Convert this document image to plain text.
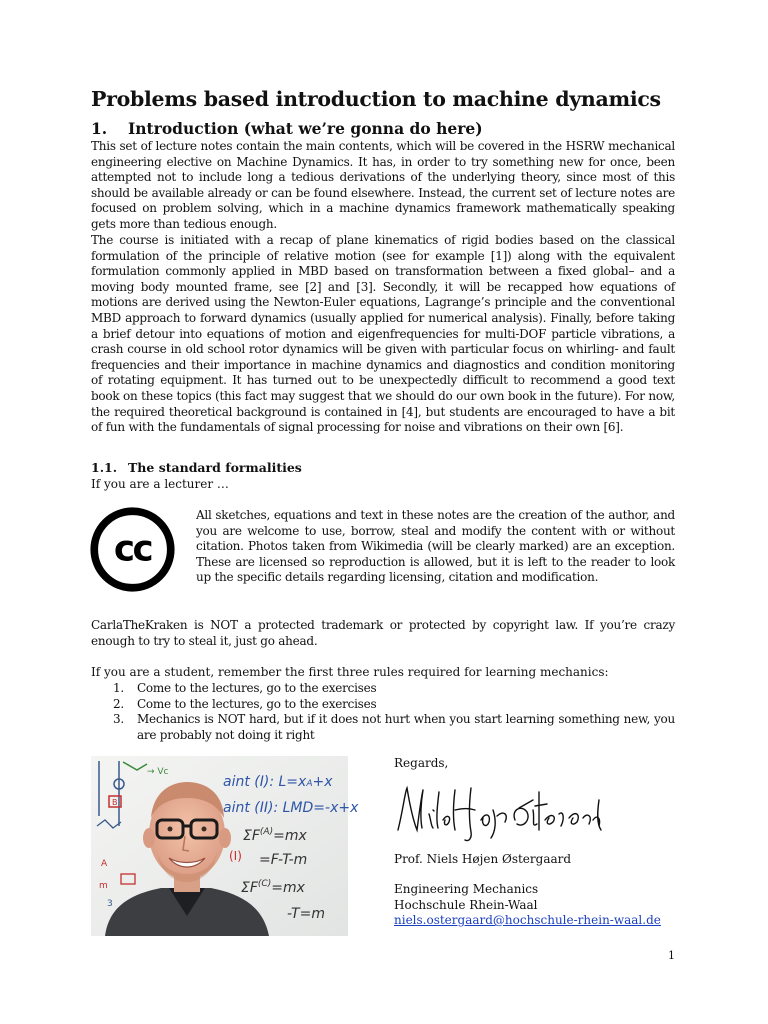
Problems based introduction to machine dynamics
1. Introduction (what we’re gonna do here)

This set of lecture notes contain the main contents, which will be covered in the HSRW mechanical engineering elective on Machine Dynamics. It has, in order to try something new for once, been attempted not to include long a tedious derivations of the underlying theory, since most of this should be available already or can be found elsewhere. Instead, the current set of lecture notes are focused on problem solving, which in a machine dynamics framework mathematically speaking gets more than tedious enough.

The course is initiated with a recap of plane kinematics of rigid bodies based on the classical formulation of the principle of relative motion (see for example [1]) along with the equivalent formulation commonly applied in MBD based on transformation between a fixed global– and a moving body mounted frame, see [2] and [3]. Secondly, it will be recapped how equations of motions are derived using the Newton-Euler equations, Lagrange’s principle and the conventional MBD approach to forward dynamics (usually applied for numerical analysis). Finally, before taking a brief detour into equations of motion and eigenfrequencies for multi-DOF particle vibrations, a crash course in old school rotor dynamics will be given with particular focus on whirling- and fault frequencies and their importance in machine dynamics and diagnostics and condition monitoring of rotating equipment. It has turned out to be unexpectedly difficult to recommend a good text book on these topics (this fact may suggest that we should do our own book in the future). For now, the required theoretical background is contained in [4], but students are encouraged to have a bit of fun with the fundamentals of signal processing for noise and vibrations on their own [6].

1.1. The standard formalities
If you are a lecturer …
cc

All sketches, equations and text in these notes are the creation of the author, and you are welcome to use, borrow, steal and modify the content with or without citation. Photos taken from Wikimedia (will be clearly marked) are an exception. These are licensed so reproduction is allowed, but it is left to the reader to look up the specific details regarding licensing, citation and modification.

CarlaTheKraken is NOT a protected trademark or protected by copyright law. If you’re crazy enough to try to steal it, just go ahead.

If you are a student, remember the first three rules required for learning mechanics:
1. Come to the lectures, go to the exercises
2. Come to the lectures, go to the exercises
3. Mechanics is NOT hard, but if it does not hurt when you start learning something new, you are probably not doing it right
B
→ Vc
A
m
3
aint (I): L=xA+x
aint (II): LMD=-x+x
$\Sigma F^{(A)}=mx$
=F-T-m
$\Sigma F^{(C)}=mx$
-T=m
(I)
Regards,
Niels Højen Østergaard
Prof. Niels Højen Østergaard
Engineering Mechanics
Hochschule Rhein-Waal
niels.ostergaard@hochschule-rhein-waal.de
1
